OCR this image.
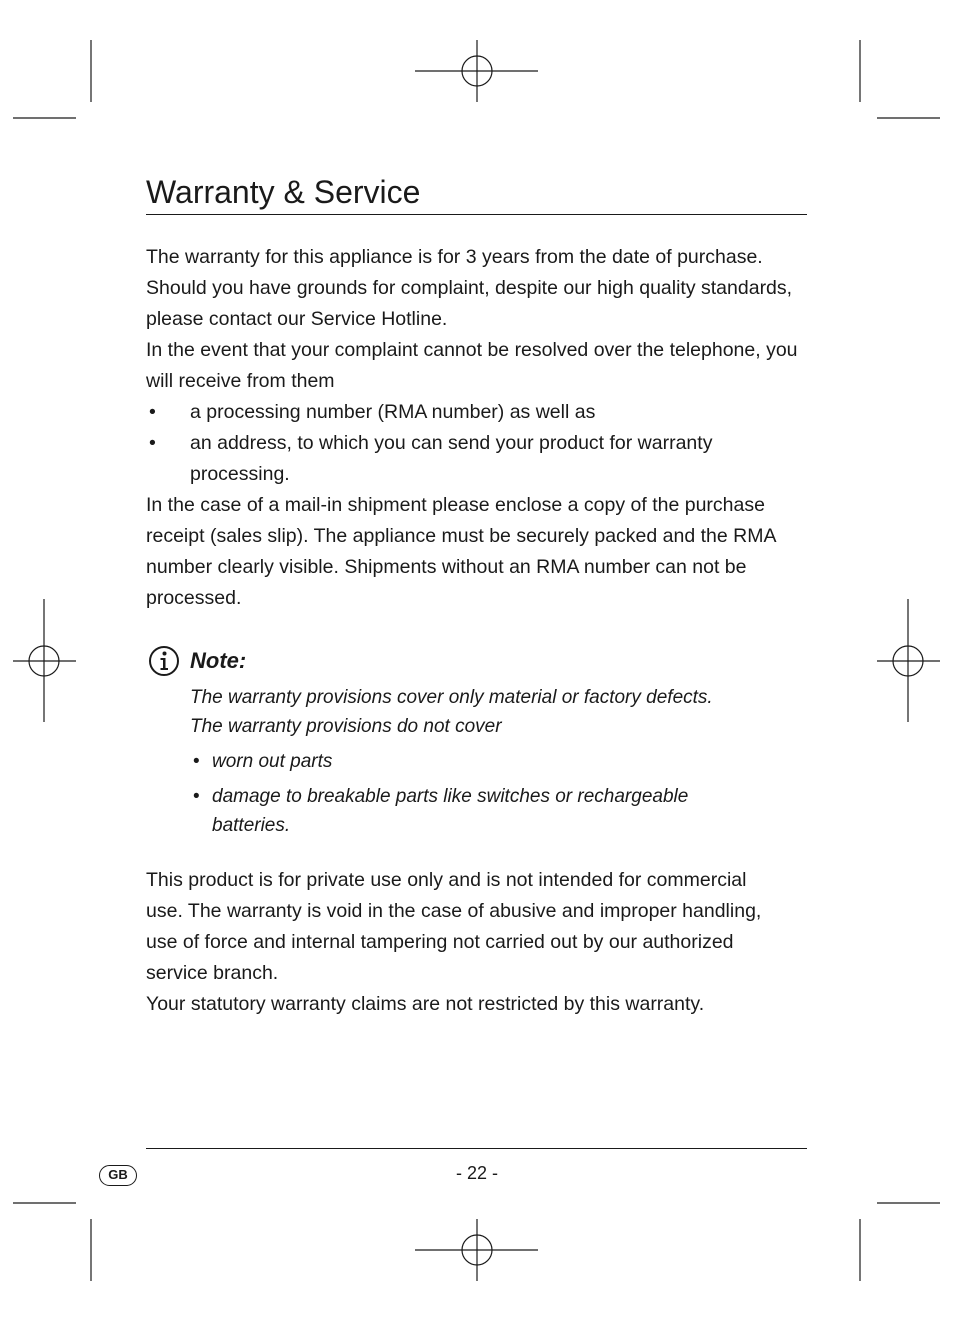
Warranty & Service

The warranty for this appliance is for 3 years from the date of purchase. Should you have grounds for complaint, despite our high quality standards, please contact our Service Hotline.

In the event that your complaint cannot be resolved over the telephone, you will receive from them

• a processing number (RMA number) as well as
• an address, to which you can send your product for warranty processing.

In the case of a mail-in shipment please enclose a copy of the purchase receipt (sales slip). The appliance must be securely packed and the RMA number clearly visible. Shipments without an RMA number can not be processed.

Note:

The warranty provisions cover only material or factory defects.

The warranty provisions do not cover

• worn out parts
• damage to breakable parts like switches or rechargeable batteries.

This product is for private use only and is not intended for commercial use. The warranty is void in the case of abusive and improper handling, use of force and internal tampering not carried out by our authorized service branch.

Your statutory warranty claims are not restricted by this warranty.

GB	- 22 -
